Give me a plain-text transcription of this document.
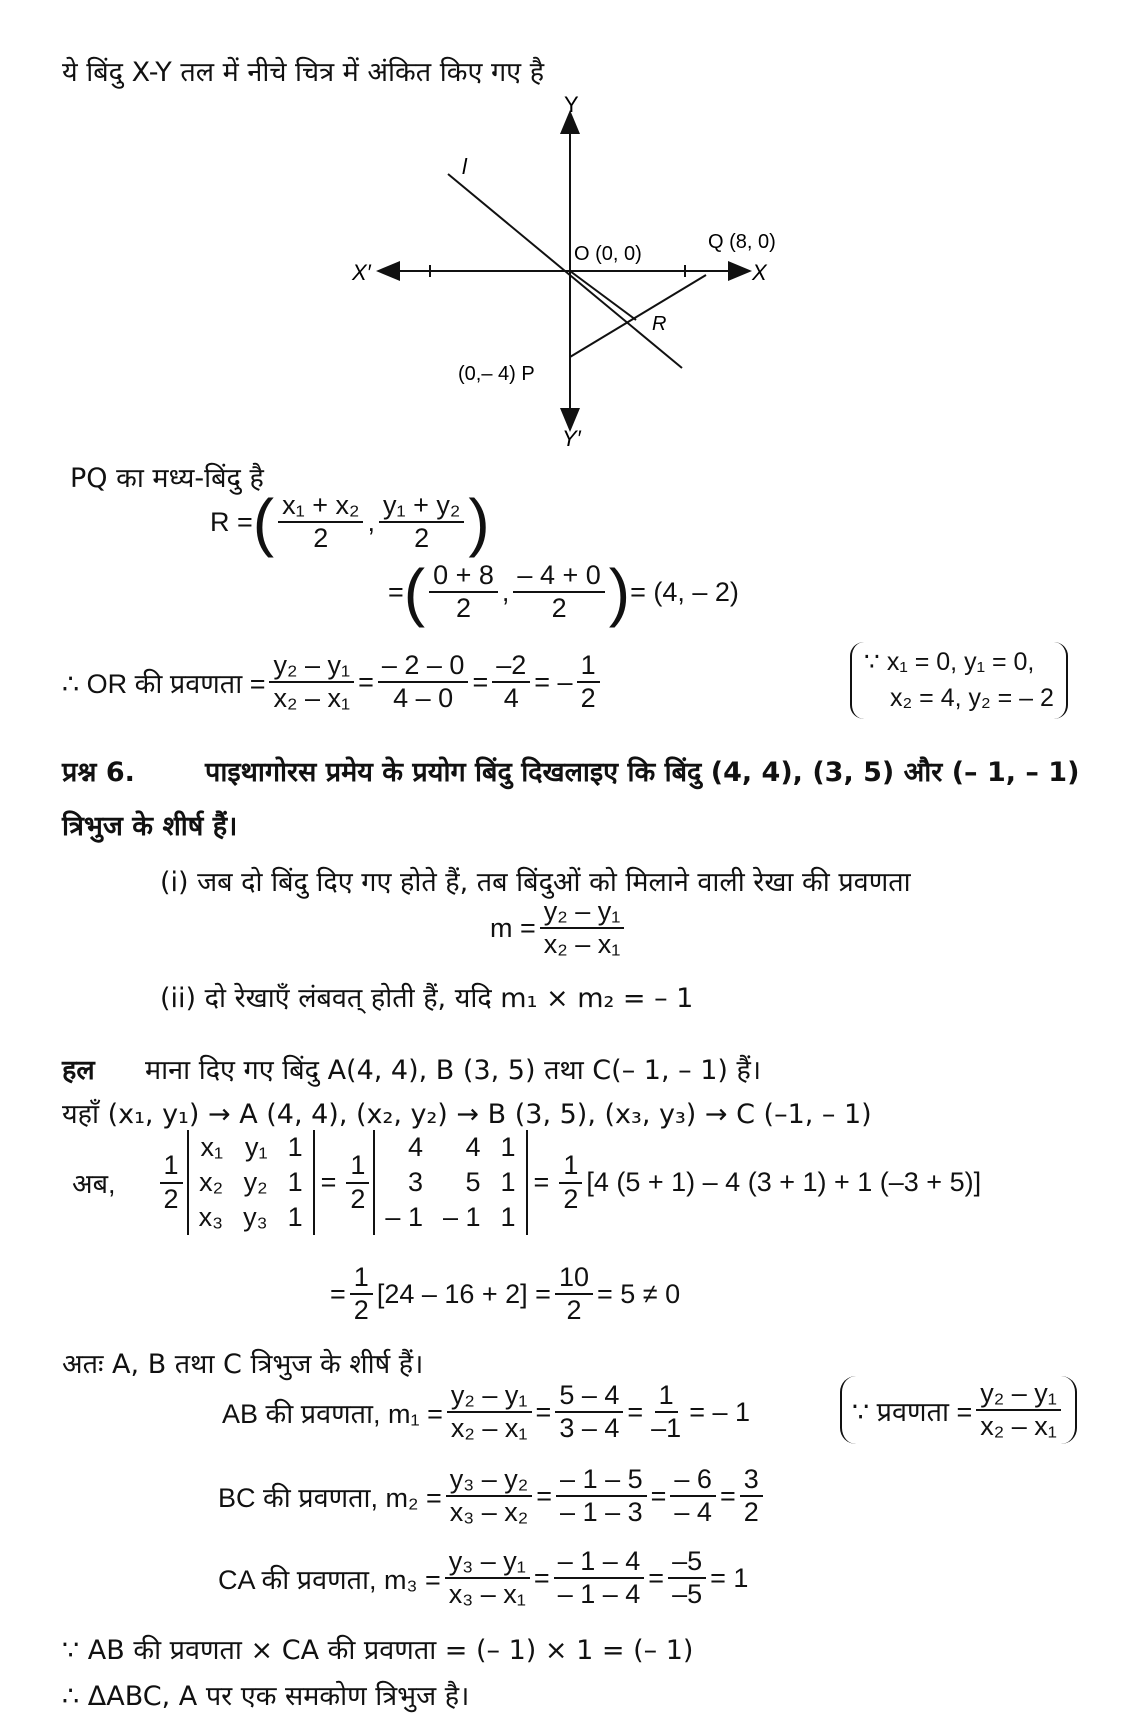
ये बिंदु X-Y तल में नीचे चित्र में अंकित किए गए है
Y
Y′
X
X′
l
O (0, 0)
Q (8, 0)
R
(0,– 4) P
PQ का मध्य-बिंदु है
R = ( $\frac{\text{x₁ + x₂}}{2}$ , $\frac{\text{y₁ + y₂}}{2}$ )
= ( $\frac{0 + 8}{2}$ , $\frac{- 4 + 0}{2}$ ) = (4, – 2)
∴ OR की प्रवणता = $\frac{\text{y₂ – y₁}}{\text{x₂ – x₁}} = \frac{- 2 - 0}{4 - 0} = \frac{-2}{4}$ = – $\frac{1}{2}$	∵ x₁ = 0, y₁ = 0,
x₂ = 4, y₂ = – 2
प्रश्न 6.	पाइथागोरस प्रमेय के प्रयोग बिंदु दिखलाइए कि बिंदु (4, 4), (3, 5) और (– 1, – 1)
त्रिभुज के शीर्ष हैं।
(i) जब दो बिंदु दिए गए होते हैं, तब बिंदुओं को मिलाने वाली रेखा की प्रवणता
$m = \frac{\text{y₂ – y₁}}{\text{x₂ – x₁}}$
(ii) दो रेखाएँ लंबवत् होती हैं, यदि m₁ × m₂ = – 1
हल माना दिए गए बिंदु A(4, 4), B (3, 5) तथा C(– 1, – 1) हैं।
यहाँ (x₁, y₁) → A (4, 4), (x₂, y₂) → B (3, 5), (x₃, y₃) → C (–1, – 1)
अब, $\frac{1}{2}$
x₁ y₁ 1
x₂ y₂ 1
x₃ y₃ 1
= $\frac{1}{2}$
4	4 1
3	5 1
– 1 – 1 1
= $\frac{1}{2} [4$ (5 + 1) – 4 (3 + 1) + 1 (–3 + 5)]
= $\frac{1}{2} [24 - 16 + 2] = \frac{10}{2} = 5 \ne 0$
अतः A, B तथा C त्रिभुज के शीर्ष हैं।
AB की प्रवणता, $m_1 = \frac{\text{y₂ – y₁}}{\text{x₂ – x₁}} = \frac{5 - 4}{3 - 4} = \frac{1}{-1}$ = – 1	∵ प्रवणता = $\frac{\text{y₂ – y₁}}{\text{x₂ – x₁}}$
BC की प्रवणता, $m_2 = \frac{\text{y₃ – y₂}}{\text{x₃ – x₂}} = \frac{- 1 - 5}{- 1 - 3} = \frac{- 6}{- 4} = \frac{3}{2}$
CA की प्रवणता, $m_3 = \frac{\text{y₃ – y₁}}{\text{x₃ – x₁}} = \frac{- 1 - 4}{- 1 - 4} = \frac{-5}{-5} = 1$
∵ AB की प्रवणता × CA की प्रवणता = (– 1) × 1 = (– 1)
∴ ΔABC, A पर एक समकोण त्रिभुज है।
